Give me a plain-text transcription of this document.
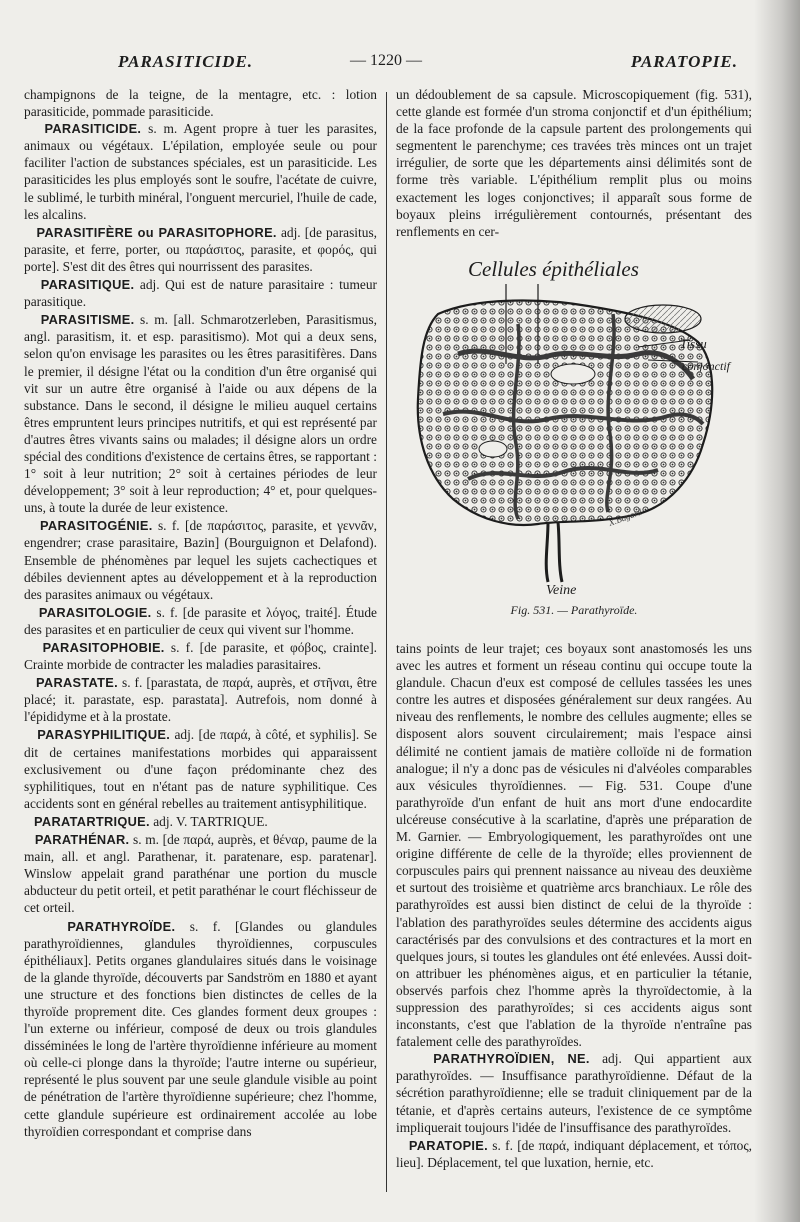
PARASITICIDE.	— 1220 —	PARATOPIE.

champignons de la teigne, de la mentagre, etc. : lotion parasiticide, pommade parasiticide.

PARASITICIDE. s. m. Agent propre à tuer les parasites, animaux ou végétaux. L'épilation, employée seule ou pour faciliter l'action de substances spéciales, est un parasiticide. Les parasiticides les plus employés sont le soufre, l'acétate de cuivre, le sublimé, le turbith minéral, l'onguent mercuriel, l'huile de cade, les alcalins.
PARASITIFÈRE ou PARASITOPHORE. adj. [de parasitus, parasite, et ferre, porter, ou παράσιτος, parasite, et φορός, qui porte]. S'est dit des êtres qui nourrissent des parasites.
PARASITIQUE. adj. Qui est de nature parasitaire : tumeur parasitique.
PARASITISME. s. m. [all. Schmarotzerleben, Parasitismus, angl. parasitism, it. et esp. parasitismo). Mot qui a deux sens, selon qu'on envisage les parasites ou les êtres parasitifères. Dans le premier, il désigne l'état ou la condition d'un être organisé qui vit sur un autre être organisé à l'aide ou aux dépens de la substance. Dans le second, il désigne le milieu auquel certains êtres empruntent leurs principes nutritifs, et qui est représenté par d'autres êtres vivants sains ou malades; il désigne alors un ordre spécial des conditions d'existence de certains êtres, se rapportant : 1° soit à leur nutrition; 2° soit à certaines périodes de leur développement; 3° soit à leur reproduction; 4° et, pour quelques-uns, à toute la durée de leur existence.
PARASITOGÉNIE. s. f. [de παράσιτος, parasite, et γεννᾶν, engendrer; crase parasitaire, Bazin] (Bourguignon et Delafond). Ensemble de phénomènes par lequel les sujets cachectiques et débiles deviennent aptes au développement et à la reproduction des parasites animaux ou végétaux.
PARASITOLOGIE. s. f. [de parasite et λόγος, traité]. Étude des parasites et en particulier de ceux qui vivent sur l'homme.
PARASITOPHOBIE. s. f. [de parasite, et φόβος, crainte]. Crainte morbide de contracter les maladies parasitaires.
PARASTATE. s. f. [parastata, de παρά, auprès, et στῆναι, être placé; it. parastate, esp. parastata]. Autrefois, nom donné à l'épididyme et à la prostate.
PARASYPHILITIQUE. adj. [de παρά, à côté, et syphilis]. Se dit de certaines manifestations morbides qui apparaissent exclusivement ou d'une façon prédominante chez des syphilitiques, tout en n'étant pas de nature syphilitique. Ces accidents sont en général rebelles au traitement antisyphilitique.
PARATARTRIQUE. adj. V. TARTRIQUE.
PARATHÉNAR. s. m. [de παρά, auprès, et θέναρ, paume de la main, all. et angl. Parathenar, it. paratenare, esp. paratenar]. Winslow appelait grand parathénar une portion du muscle abducteur du petit orteil, et petit parathénar le court fléchisseur de cet orteil.
PARATHYROÏDE. s. f. [Glandes ou glandules parathyroïdiennes, glandules thyroïdiennes, corpuscules épithéliaux]. Petits organes glandulaires situés dans le voisinage de la glande thyroïde, découverts par Sandström en 1880 et ayant une structure et des fonctions bien distinctes de celles de la thyroïde proprement dite. Ces glandes forment deux groupes : l'un externe ou inférieur, composé de deux ou trois glandules disséminées le long de l'artère thyroïdienne inférieure au moment où celle-ci plonge dans la thyroïde; l'autre interne ou supérieur, représenté le plus souvent par une seule glandule visible au point de pénétration de l'artère thyroïdienne supérieure; chez l'homme, cette glandule supérieure est ordinairement accolée au lobe thyroïdien correspondant et comprise dans

un dédoublement de sa capsule. Microscopiquement (fig. 531), cette glande est formée d'un stroma conjonctif et d'un épithélium; de la face profonde de la capsule partent des prolongements qui segmentent le parenchyme; ces travées très minces ont un trajet irrégulier, de sorte que les départements ainsi délimités sont de forme très variable. L'épithélium remplit plus ou moins exactement les loges conjonctives; il apparaît sous forme de boyaux pleins irrégulièrement contournés, présentant des renflements en cer-

Cellules épithéliales
Tissu
conjonctif
Veine
X.Bagard
Fig. 531. — Parathyroïde.

tains points de leur trajet; ces boyaux sont anastomosés les uns avec les autres et forment un réseau continu qui occupe toute la glandule. Chacun d'eux est composé de cellules tassées les unes contre les autres et disposées généralement sur deux rangées. Au niveau des renflements, le nombre des cellules augmente; elles se disposent alors souvent circulairement; mais l'espace ainsi délimité ne contient jamais de matière colloïde ni de formation analogue; il n'y a donc pas de vésicules ni d'alvéoles comparables aux vésicules thyroïdiennes. — Fig. 531. Coupe d'une parathyroïde d'un enfant de huit ans mort d'une endocardite ulcéreuse consécutive à la scarlatine, d'après une préparation de M. Garnier. — Embryologiquement, les parathyroïdes ont une origine différente de celle de la thyroïde; elles proviennent de corpuscules pairs qui prennent naissance au niveau des deuxième et surtout des troisième et quatrième arcs branchiaux. Le rôle des parathyroïdes est aussi bien distinct de celui de la thyroïde : l'ablation des parathyroïdes seules détermine des accidents aigus caractérisés par des convulsions et des contractures et la mort en quelques jours, si toutes les glandules ont été enlevées. Aussi doit-on attribuer les phénomènes aigus, et en particulier la tétanie, observés parfois chez l'homme après la thyroïdectomie, à la suppression des parathyroïdes; si ces accidents aigus sont inconstants, c'est que l'ablation de la thyroïde n'entraîne pas fatalement celle des parathyroïdes.

PARATHYROÏDIEN, NE. adj. Qui appartient aux parathyroïdes. — Insuffisance parathyroïdienne. Défaut de la sécrétion parathyroïdienne; elle se traduit cliniquement par de la tétanie, et d'après certains auteurs, l'existence de ce symptôme impliquerait toujours l'idée de l'insuffisance des parathyroïdes.
PARATOPIE. s. f. [de παρά, indiquant déplacement, et τόπος, lieu]. Déplacement, tel que luxation, hernie, etc.
